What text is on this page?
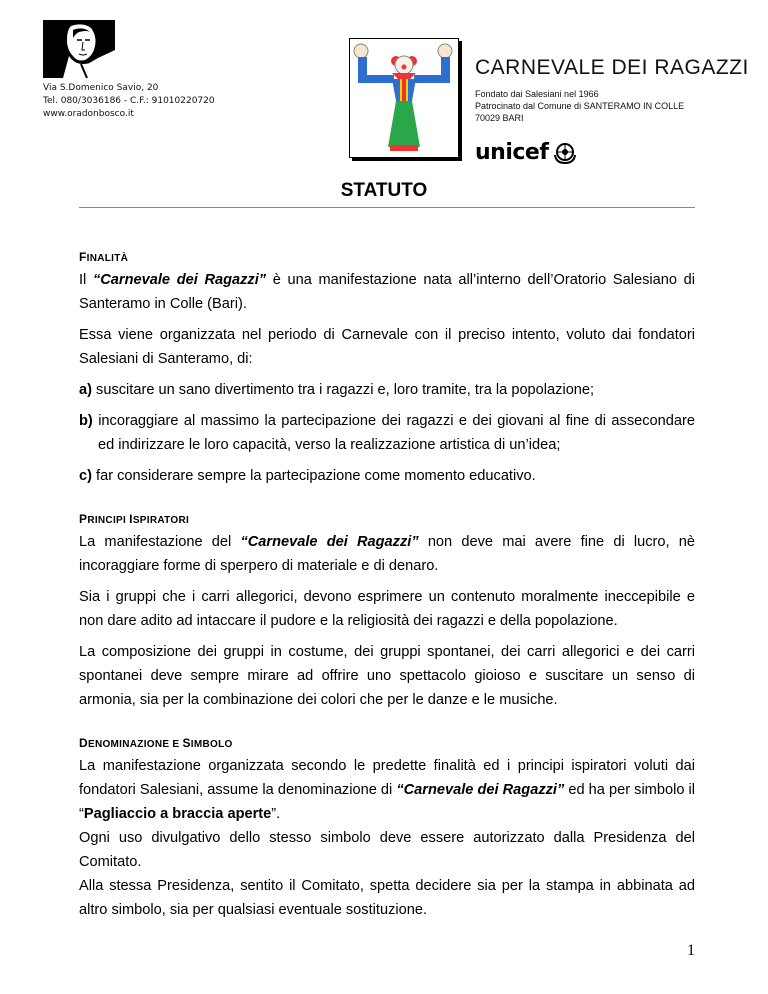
Via S.Domenico Savio, 20
Tel. 080/3036186 - C.F.: 91010220720
www.oradonbosco.it
CARNEVALE DEI RAGAZZI
Fondato dai Salesiani nel 1966
Patrocinato dal Comune di SANTERAMO IN COLLE
70029 BARI
unicef
STATUTO
FINALITÀ

Il “Carnevale dei Ragazzi” è una manifestazione nata all’interno dell’Oratorio Salesiano di Santeramo in Colle (Bari).

Essa viene organizzata nel periodo di Carnevale con il preciso intento, voluto dai fondatori Salesiani di Santeramo, di:

a) suscitare un sano divertimento tra i ragazzi e, loro tramite, tra la popolazione;

b) incoraggiare al massimo la partecipazione dei ragazzi e dei giovani al fine di assecondare ed indirizzare le loro capacità, verso la realizzazione artistica di un’idea;

c) far considerare sempre la partecipazione come momento educativo.

PRINCIPI ISPIRATORI

La manifestazione del “Carnevale dei Ragazzi” non deve mai avere fine di lucro, nè incoraggiare forme di sperpero di materiale e di denaro.

Sia i gruppi che i carri allegorici, devono esprimere un contenuto moralmente ineccepibile e non dare adito ad intaccare il pudore e la religiosità dei ragazzi e della popolazione.

La composizione dei gruppi in costume, dei gruppi spontanei, dei carri allegorici e dei carri spontanei deve sempre mirare ad offrire uno spettacolo gioioso e suscitare un senso di armonia, sia per la combinazione dei colori che per le danze e le musiche.

DENOMINAZIONE E SIMBOLO

La manifestazione organizzata secondo le predette finalità ed i principi ispiratori voluti dai fondatori Salesiani, assume la denominazione di “Carnevale dei Ragazzi” ed ha per simbolo il “Pagliaccio a braccia aperte”.

Ogni uso divulgativo dello stesso simbolo deve essere autorizzato dalla Presidenza del Comitato.

Alla stessa Presidenza, sentito il Comitato, spetta decidere sia per la stampa in abbinata ad altro simbolo, sia per qualsiasi eventuale sostituzione.

1
